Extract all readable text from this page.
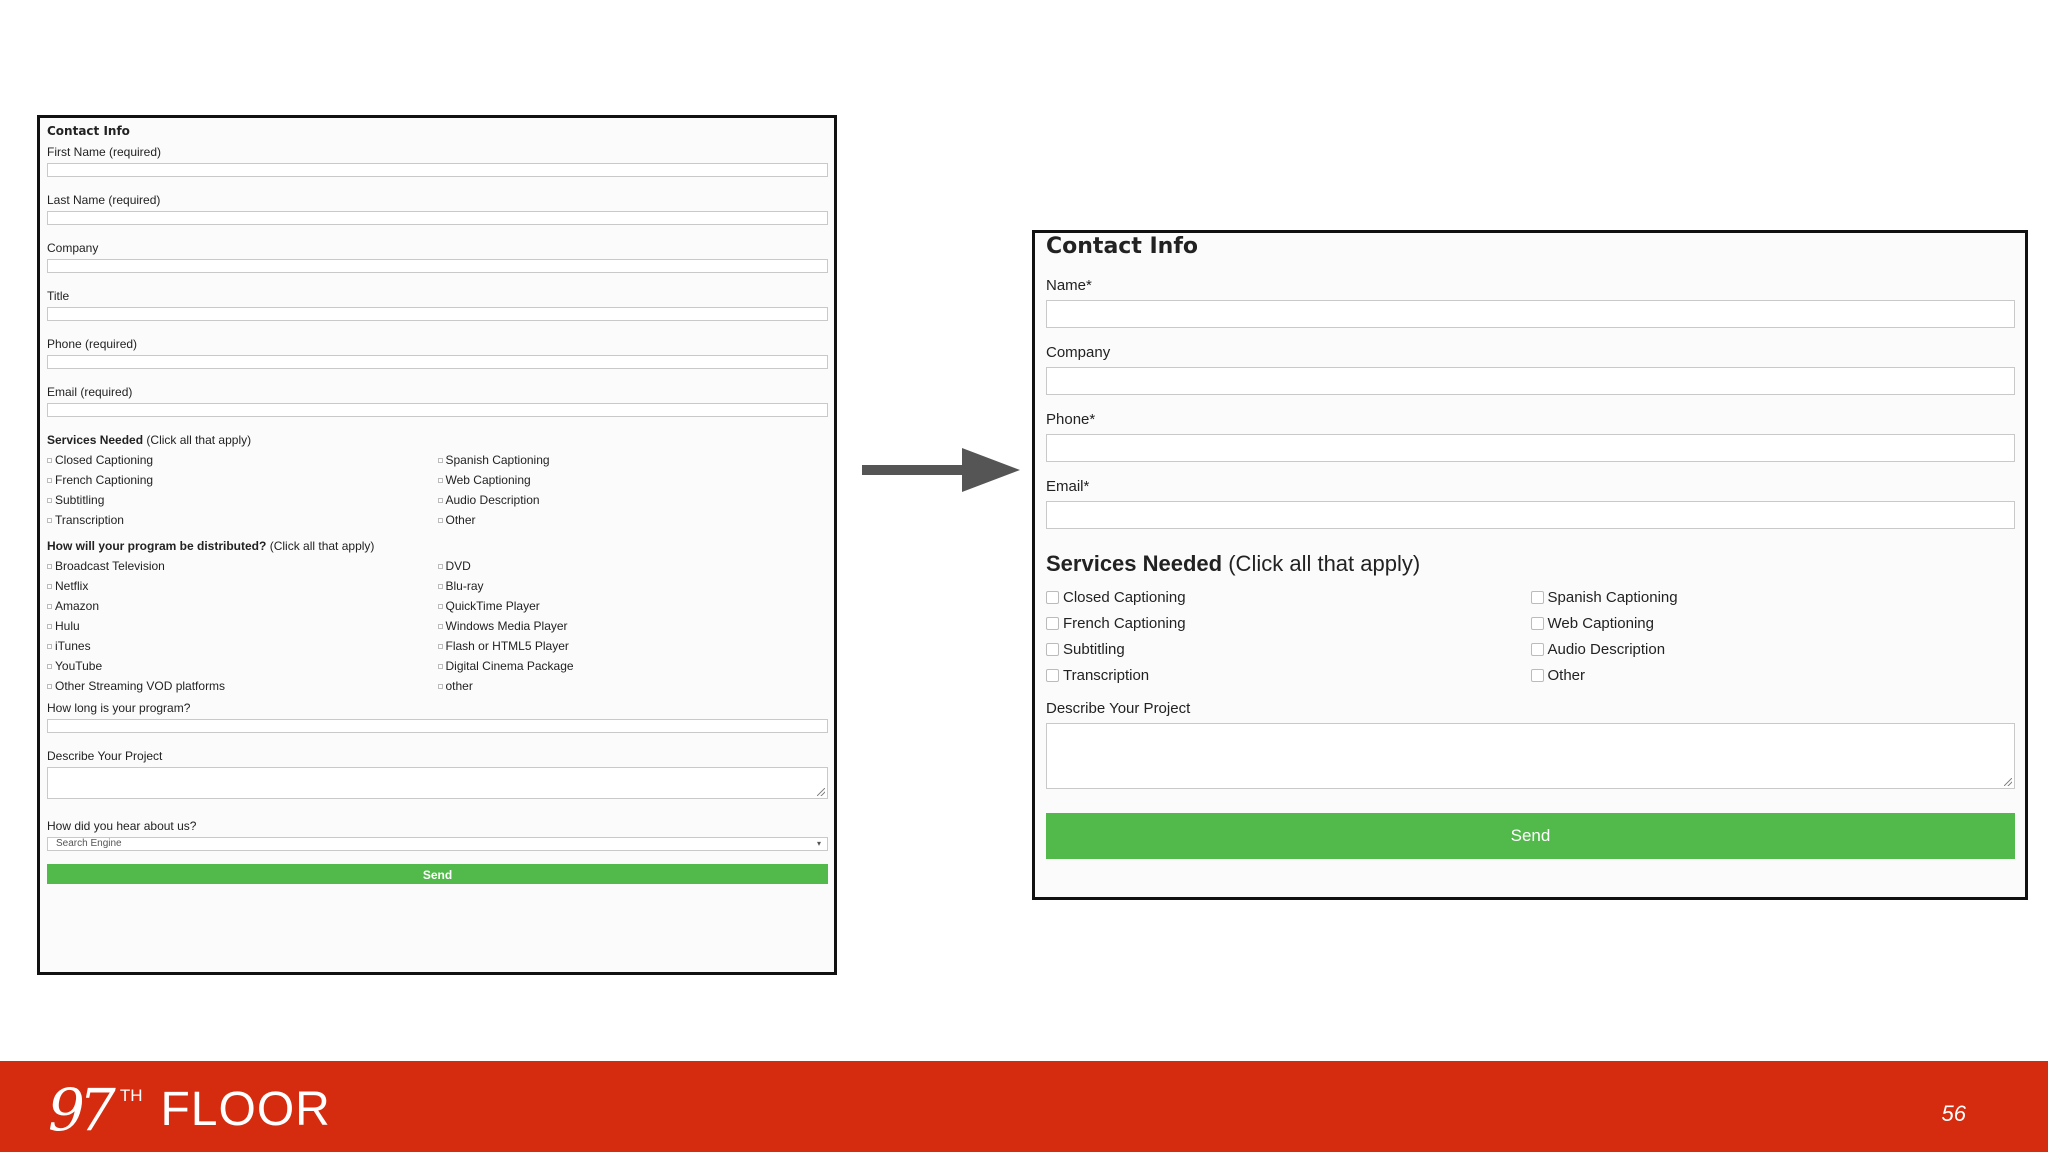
Contact Info
First Name (required)
Last Name (required)
Company
Title
Phone (required)
Email (required)
Services Needed (Click all that apply)
Closed Captioning	Spanish Captioning
French Captioning	Web Captioning
Subtitling	Audio Description
Transcription	Other
How will your program be distributed? (Click all that apply)
Broadcast Television	DVD
Netflix	Blu-ray
Amazon	QuickTime Player
Hulu	Windows Media Player
iTunes	Flash or HTML5 Player
YouTube	Digital Cinema Package
Other Streaming VOD platforms	other
How long is your program?
Describe Your Project
How did you hear about us?
Search Engine	▾
Send
Contact Info
Name*
Company
Phone*
Email*
Services Needed (Click all that apply)
Closed Captioning	Spanish Captioning
French Captioning	Web Captioning
Subtitling	Audio Description
Transcription	Other
Describe Your Project
Send
97 TH FLOOR	56
